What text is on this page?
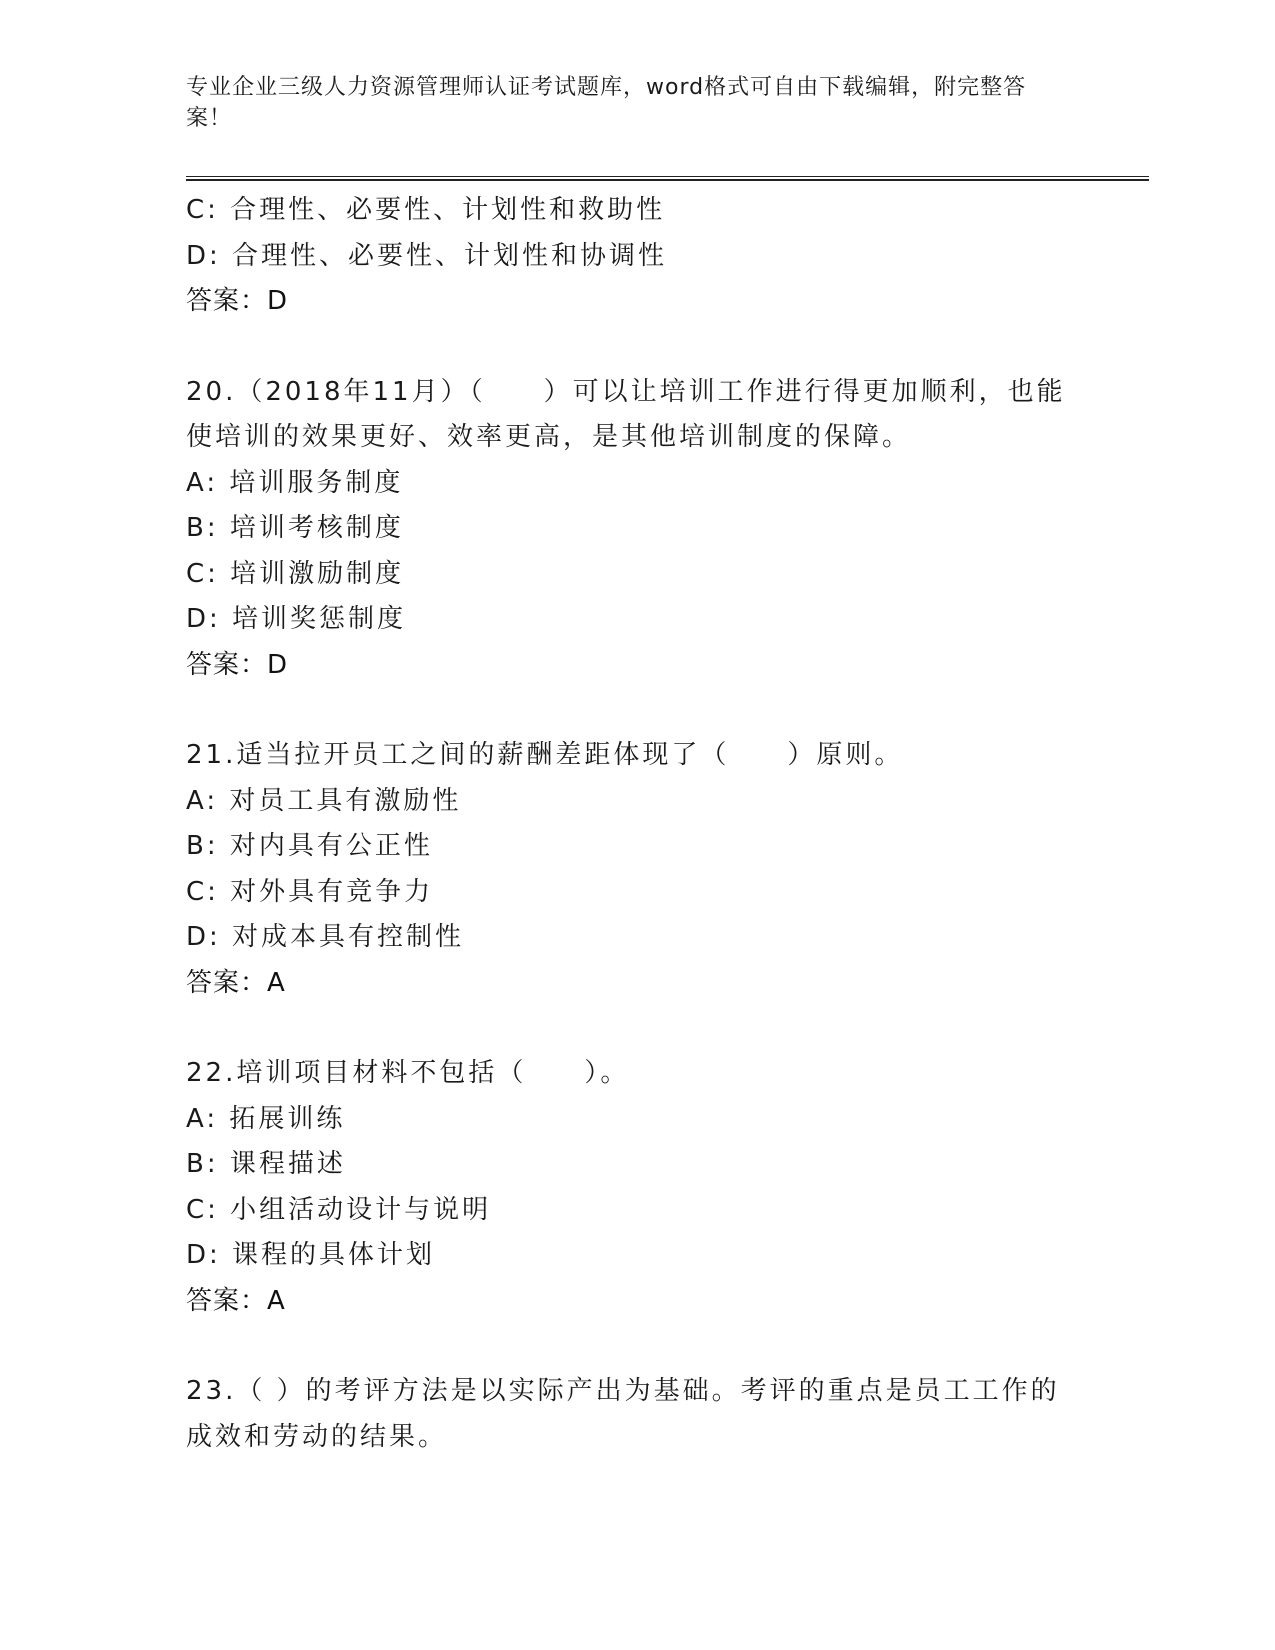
专业企业三级人力资源管理师认证考试题库，word格式可自由下载编辑，附完整答案！
C: 合理性、必要性、计划性和救助性
D: 合理性、必要性、计划性和协调性
答案：D
20.（2018年11月）（　　）可以让培训工作进行得更加顺利，也能
使培训的效果更好、效率更高，是其他培训制度的保障。
A: 培训服务制度
B: 培训考核制度
C: 培训激励制度
D: 培训奖惩制度
答案：D
21.适当拉开员工之间的薪酬差距体现了（　　）原则。
A: 对员工具有激励性
B: 对内具有公正性
C: 对外具有竞争力
D: 对成本具有控制性
答案：A
22.培训项目材料不包括（　　）。
A: 拓展训练
B: 课程描述
C: 小组活动设计与说明
D: 课程的具体计划
答案：A
23.（ ）的考评方法是以实际产出为基础。考评的重点是员工工作的
成效和劳动的结果。
